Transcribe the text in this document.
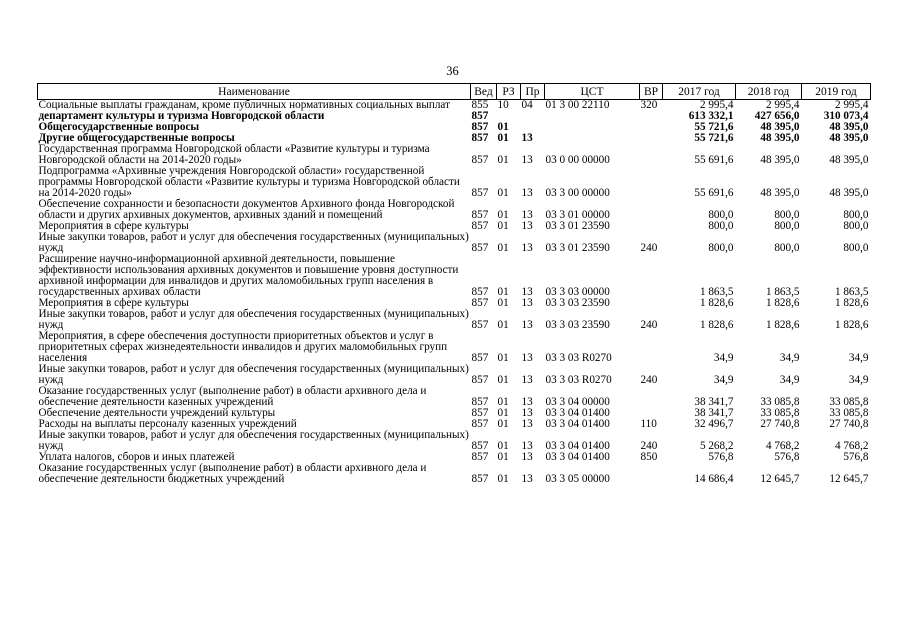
36
Наименование	Вед	РЗ	Пр	ЦСТ	ВР	2017 год	2018 год	2019 год
Социальные выплаты гражданам, кроме публичных нормативных социальных выплат	855	10	04	01 3 00 22110	320	2 995,4	2 995,4	2 995,4
департамент культуры и туризма Новгородской области	857					613 332,1	427 656,0	310 073,4
Общегосударственные вопросы	857	01				55 721,6	48 395,0	48 395,0
Другие общегосударственные вопросы	857	01	13			55 721,6	48 395,0	48 395,0
Государственная программа Новгородской области «Развитие культуры и туризма Новгородской области на 2014-2020 годы»	857	01	13	03 0 00 00000		55 691,6	48 395,0	48 395,0
Подпрограмма «Архивные учреждения Новгородской области» государственной программы Новгородской области «Развитие культуры и туризма Новгородской области на 2014-2020 годы»	857	01	13	03 3 00 00000		55 691,6	48 395,0	48 395,0
Обеспечение сохранности и безопасности документов Архивного фонда Новгородской области и других архивных документов, архивных зданий и помещений	857	01	13	03 3 01 00000		800,0	800,0	800,0
Мероприятия в сфере культуры	857	01	13	03 3 01 23590		800,0	800,0	800,0
Иные закупки товаров, работ и услуг для обеспечения государственных (муниципальных) нужд	857	01	13	03 3 01 23590	240	800,0	800,0	800,0
Расширение научно-информационной архивной деятельности, повышение эффективности использования архивных документов и повышение уровня доступности архивной информации для инвалидов и других маломобильных групп населения в государственных архивах области	857	01	13	03 3 03 00000		1 863,5	1 863,5	1 863,5
Мероприятия в сфере культуры	857	01	13	03 3 03 23590		1 828,6	1 828,6	1 828,6
Иные закупки товаров, работ и услуг для обеспечения государственных (муниципальных) нужд	857	01	13	03 3 03 23590	240	1 828,6	1 828,6	1 828,6
Мероприятия, в сфере обеспечения доступности приоритетных объектов и услуг в приоритетных сферах жизнедеятельности инвалидов и других маломобильных групп населения	857	01	13	03 3 03 R0270		34,9	34,9	34,9
Иные закупки товаров, работ и услуг для обеспечения государственных (муниципальных) нужд	857	01	13	03 3 03 R0270	240	34,9	34,9	34,9
Оказание государственных услуг (выполнение работ) в области архивного дела и обеспечение деятельности казенных учреждений	857	01	13	03 3 04 00000		38 341,7	33 085,8	33 085,8
Обеспечение деятельности учреждений культуры	857	01	13	03 3 04 01400		38 341,7	33 085,8	33 085,8
Расходы на выплаты персоналу казенных учреждений	857	01	13	03 3 04 01400	110	32 496,7	27 740,8	27 740,8
Иные закупки товаров, работ и услуг для обеспечения государственных (муниципальных) нужд	857	01	13	03 3 04 01400	240	5 268,2	4 768,2	4 768,2
Уплата налогов, сборов и иных платежей	857	01	13	03 3 04 01400	850	576,8	576,8	576,8
Оказание государственных услуг (выполнение работ) в области архивного дела и обеспечение деятельности бюджетных учреждений	857	01	13	03 3 05 00000		14 686,4	12 645,7	12 645,7
